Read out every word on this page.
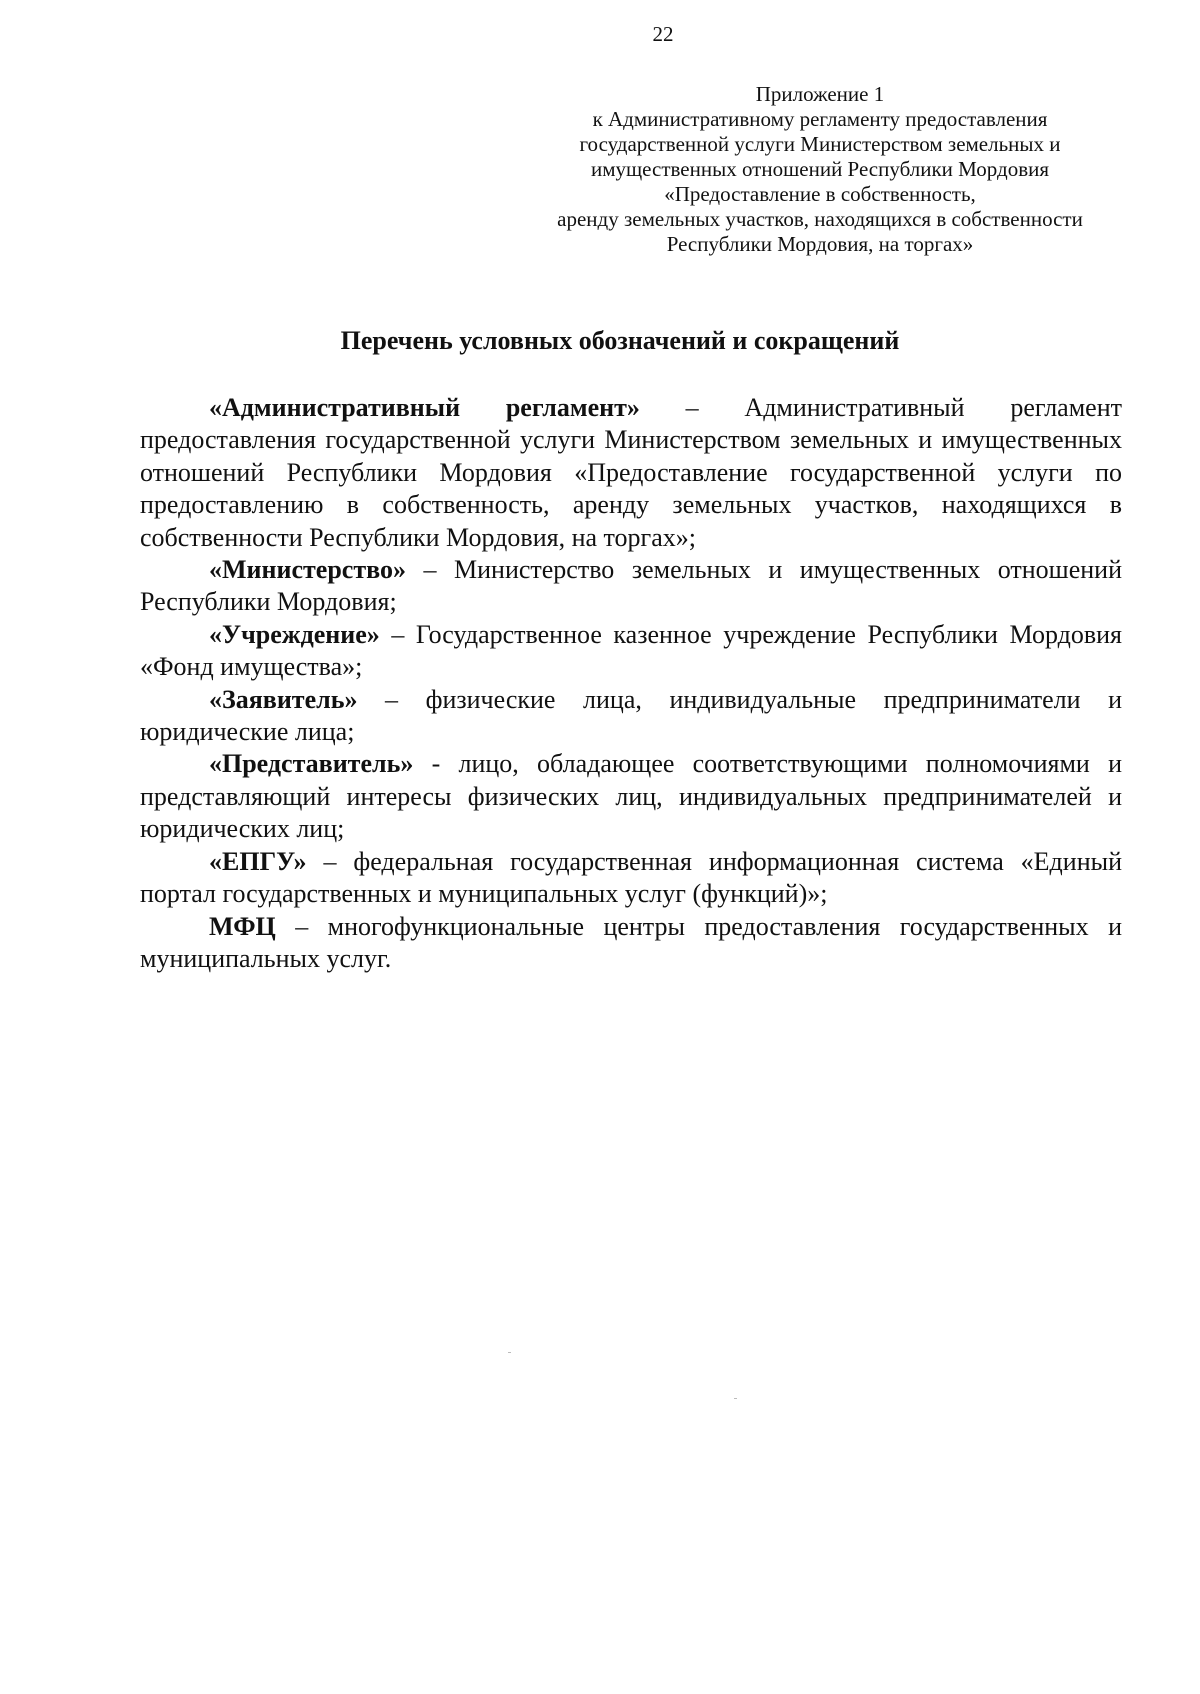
22
Приложение 1
к Административному регламенту предоставления
государственной услуги Министерством земельных и
имущественных отношений Республики Мордовия
«Предоставление в собственность,
аренду земельных участков, находящихся в собственности
Республики Мордовия, на торгах»
Перечень условных обозначений и сокращений

«Административный регламент» – Административный регламент предоставления государственной услуги Министерством земельных и имущественных отношений Республики Мордовия «Предоставление государственной услуги по предоставлению в собственность, аренду земельных участков, находящихся в собственности Республики Мордовия, на торгах»;

«Министерство» – Министерство земельных и имущественных отношений Республики Мордовия;

«Учреждение» – Государственное казенное учреждение Республики Мордовия «Фонд имущества»;

«Заявитель» – физические лица, индивидуальные предприниматели и юридические лица;

«Представитель» - лицо, обладающее соответствующими полномочиями и представляющий интересы физических лиц, индивидуальных предпринимателей и юридических лиц;

«ЕПГУ» – федеральная государственная информационная система «Единый портал государственных и муниципальных услуг (функций)»;

МФЦ – многофункциональные центры предоставления государственных и муниципальных услуг.
